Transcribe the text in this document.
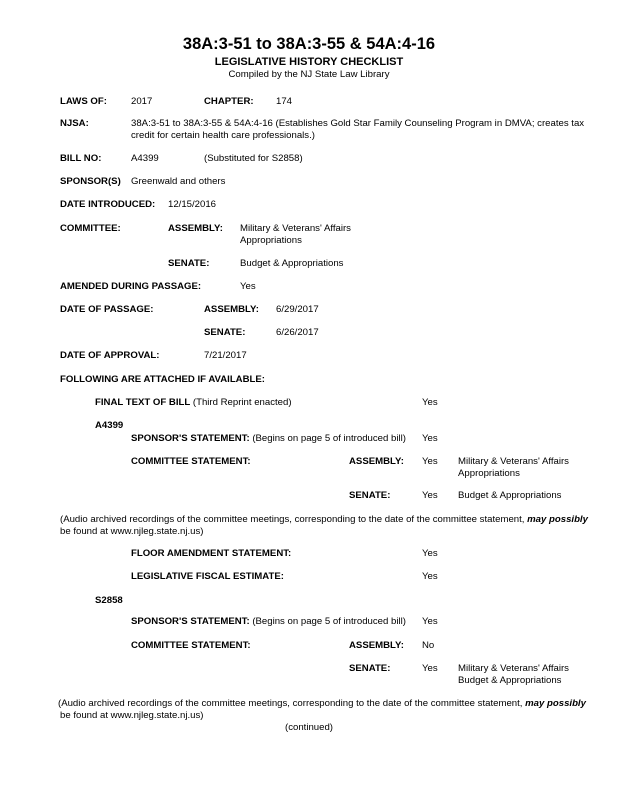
38A:3-51 to 38A:3-55 & 54A:4-16
LEGISLATIVE HISTORY CHECKLIST
Compiled by the NJ State Law Library
LAWS OF:	2017	CHAPTER: 174
NJSA:	38A:3-51 to 38A:3-55 & 54A:4-16 (Establishes Gold Star Family Counseling Program in DMVA; creates tax
credit for certain health care professionals.)
BILL NO:	A4399	(Substituted for S2858)
SPONSOR(S) Greenwald and others
DATE INTRODUCED: 12/15/2016
COMMITTEE:	ASSEMBLY: Military & Veterans' Affairs
Appropriations
SENATE:	Budget & Appropriations
AMENDED DURING PASSAGE:	Yes
DATE OF PASSAGE:	ASSEMBLY: 6/29/2017
SENATE:	6/26/2017
DATE OF APPROVAL:	7/21/2017
FOLLOWING ARE ATTACHED IF AVAILABLE:
FINAL TEXT OF BILL (Third Reprint enacted)	Yes
A4399
SPONSOR'S STATEMENT: (Begins on page 5 of introduced bill) Yes
COMMITTEE STATEMENT:	ASSEMBLY: Yes Military & Veterans' Affairs
Appropriations
SENATE:	Yes Budget & Appropriations
(Audio archived recordings of the committee meetings, corresponding to the date of the committee statement, may possibly
be found at www.njleg.state.nj.us)
FLOOR AMENDMENT STATEMENT:	Yes
LEGISLATIVE FISCAL ESTIMATE:	Yes
S2858
SPONSOR'S STATEMENT: (Begins on page 5 of introduced bill) Yes
COMMITTEE STATEMENT:	ASSEMBLY: No
SENATE:	Yes Military & Veterans' Affairs
Budget & Appropriations
(Audio archived recordings of the committee meetings, corresponding to the date of the committee statement, may possibly
be found at www.njleg.state.nj.us)
(continued)
